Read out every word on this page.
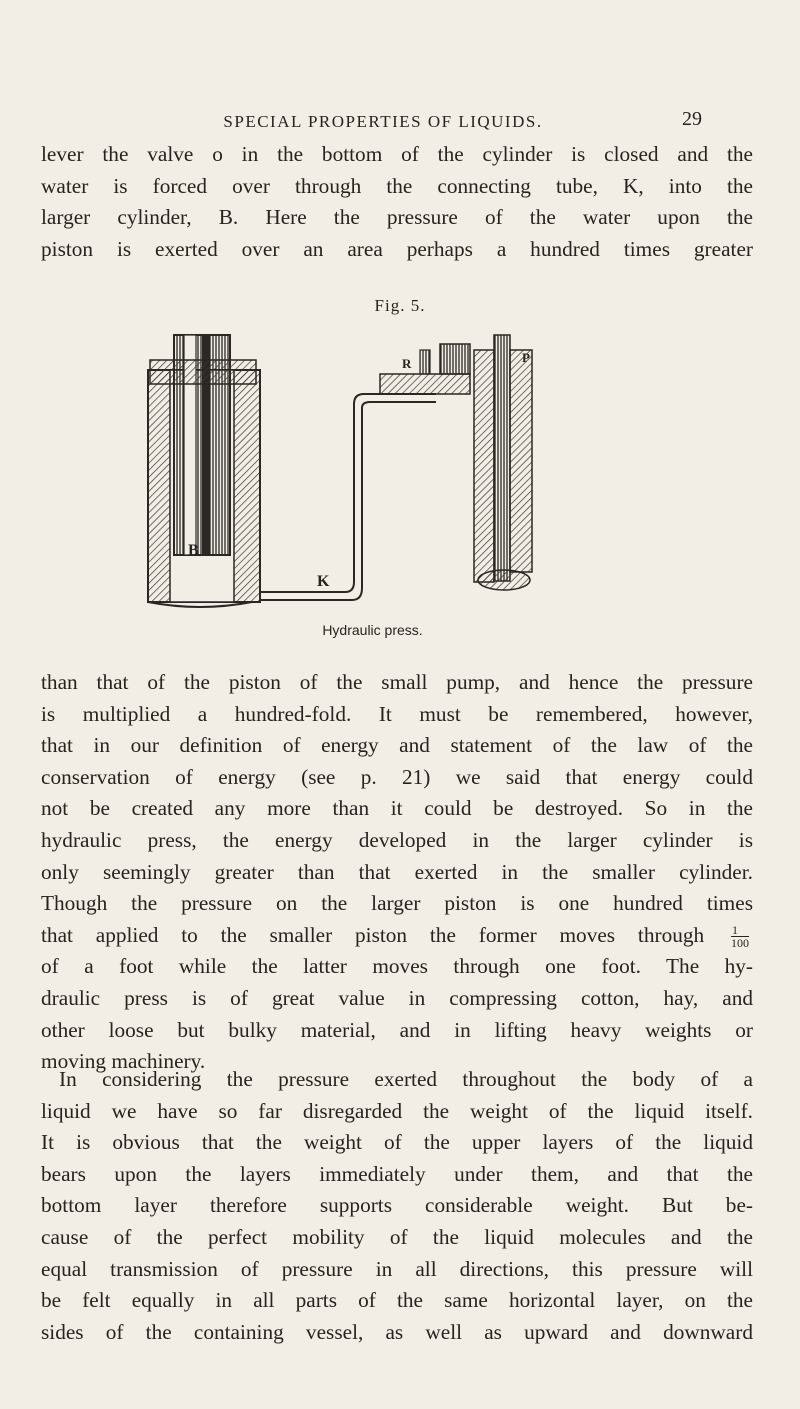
SPECIAL PROPERTIES OF LIQUIDS.	29

lever the valve o in the bottom of the cylinder is closed and the
water is forced over through the connecting tube, K, into the
larger cylinder, B. Here the pressure of the water upon the
piston is exerted over an area perhaps a hundred times greater

Fig. 5.
B
K
R	P
Hydraulic press.

than that of the piston of the small pump, and hence the pressure
is multiplied a hundred-fold. It must be remembered, however,
that in our definition of energy and statement of the law of the
conservation of energy (see p. 21) we said that energy could
not be created any more than it could be destroyed. So in the
hydraulic press, the energy developed in the larger cylinder is
only seemingly greater than that exerted in the smaller cylinder.
Though the pressure on the larger piston is one hundred times
that applied to the smaller piston the former moves through $\frac{1}{100}$
of a foot while the latter moves through one foot. The hy-
draulic press is of great value in compressing cotton, hay, and
other loose but bulky material, and in lifting heavy weights or
moving machinery.

In considering the pressure exerted throughout the body of a
liquid we have so far disregarded the weight of the liquid itself.
It is obvious that the weight of the upper layers of the liquid
bears upon the layers immediately under them, and that the
bottom layer therefore supports considerable weight. But be-
cause of the perfect mobility of the liquid molecules and the
equal transmission of pressure in all directions, this pressure will
be felt equally in all parts of the same horizontal layer, on the
sides of the containing vessel, as well as upward and downward
